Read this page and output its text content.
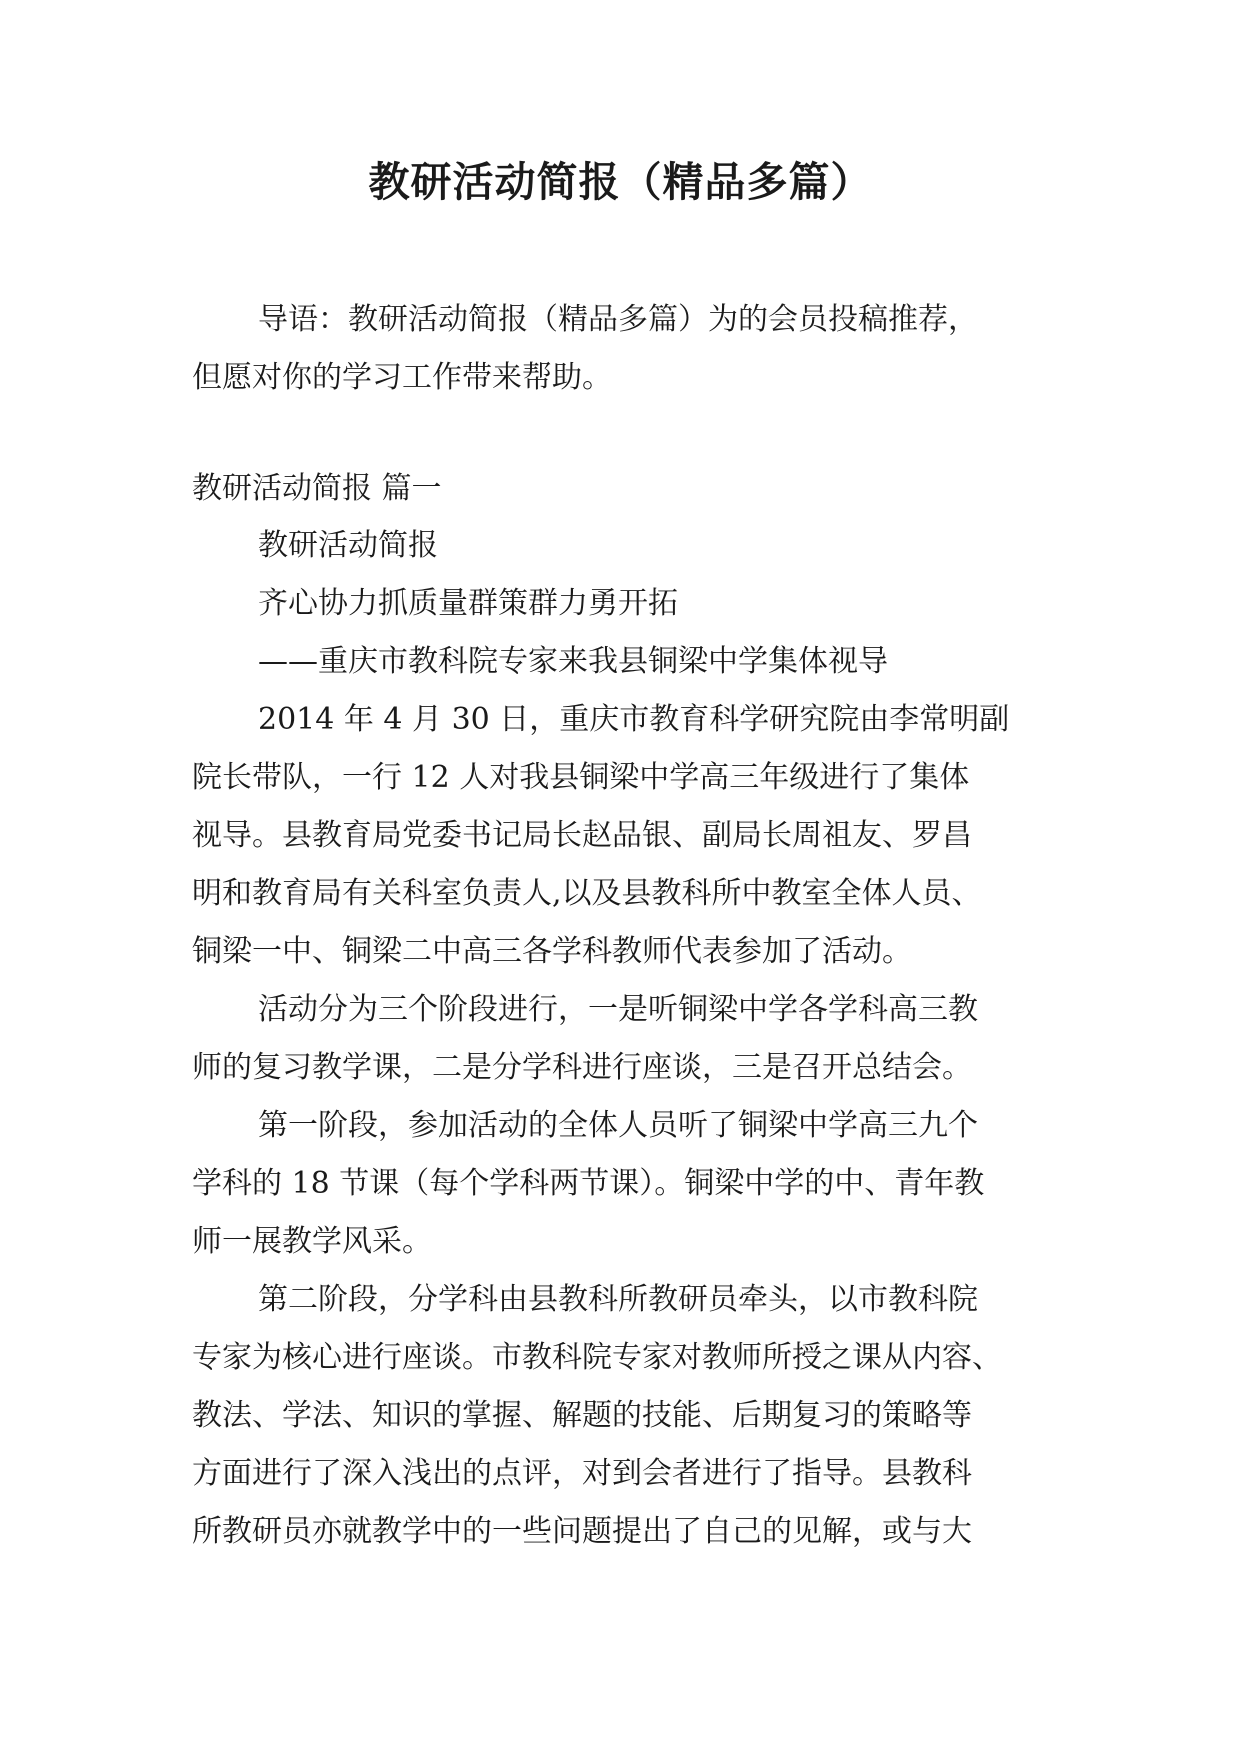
教研活动简报（精品多篇）

导语：教研活动简报（精品多篇）为的会员投稿推荐，

但愿对你的学习工作带来帮助。

教研活动简报 篇一

教研活动简报

齐心协力抓质量群策群力勇开拓

——重庆市教科院专家来我县铜梁中学集体视导

2014 年 4 月 30 日，重庆市教育科学研究院由李常明副

院长带队，一行 12 人对我县铜梁中学高三年级进行了集体

视导。县教育局党委书记局长赵品银、副局长周祖友、罗昌

明和教育局有关科室负责人,以及县教科所中教室全体人员、

铜梁一中、铜梁二中高三各学科教师代表参加了活动。

活动分为三个阶段进行，一是听铜梁中学各学科高三教

师的复习教学课，二是分学科进行座谈，三是召开总结会。

第一阶段，参加活动的全体人员听了铜梁中学高三九个

学科的 18 节课（每个学科两节课）。铜梁中学的中、青年教

师一展教学风采。

第二阶段，分学科由县教科所教研员牵头，以市教科院

专家为核心进行座谈。市教科院专家对教师所授之课从内容、

教法、学法、知识的掌握、解题的技能、后期复习的策略等

方面进行了深入浅出的点评，对到会者进行了指导。县教科

所教研员亦就教学中的一些问题提出了自己的见解，或与大
